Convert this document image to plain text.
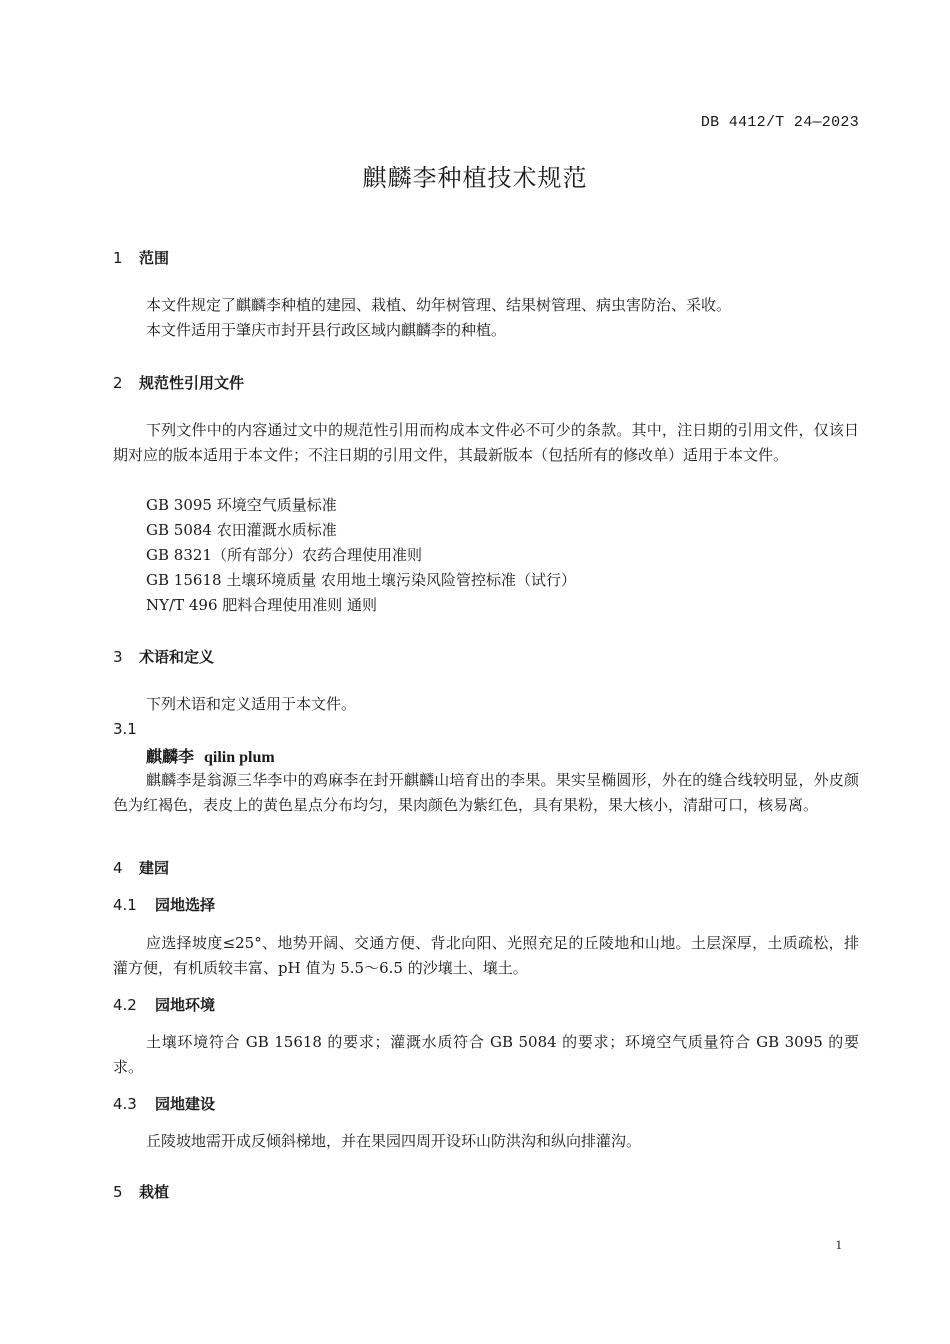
DB 4412/T 24—2023
麒麟李种植技术规范
1 范围
本文件规定了麒麟李种植的建园、栽植、幼年树管理、结果树管理、病虫害防治、采收。
本文件适用于肇庆市封开县行政区域内麒麟李的种植。
2 规范性引用文件
下列文件中的内容通过文中的规范性引用而构成本文件必不可少的条款。其中，注日期的引用文件，仅该日期对应的版本适用于本文件；不注日期的引用文件，其最新版本（包括所有的修改单）适用于本文件。
GB 3095 环境空气质量标准
GB 5084 农田灌溉水质标准
GB 8321（所有部分）农药合理使用准则
GB 15618 土壤环境质量 农用地土壤污染风险管控标准（试行）
NY/T 496 肥料合理使用准则 通则
3 术语和定义
下列术语和定义适用于本文件。
3.1
麒麟李 qilin plum
麒麟李是翁源三华李中的鸡麻李在封开麒麟山培育出的李果。果实呈椭圆形，外在的缝合线较明显，外皮颜色为红褐色，表皮上的黄色星点分布均匀，果肉颜色为紫红色，具有果粉，果大核小，清甜可口，核易离。
4 建园
4.1 园地选择
应选择坡度≤25°、地势开阔、交通方便、背北向阳、光照充足的丘陵地和山地。土层深厚，土质疏松，排灌方便，有机质较丰富、pH 值为 5.5～6.5 的沙壤土、壤土。
4.2 园地环境
土壤环境符合 GB 15618 的要求；灌溉水质符合 GB 5084 的要求；环境空气质量符合 GB 3095 的要求。
4.3 园地建设
丘陵坡地需开成反倾斜梯地，并在果园四周开设环山防洪沟和纵向排灌沟。
5 栽植
1
